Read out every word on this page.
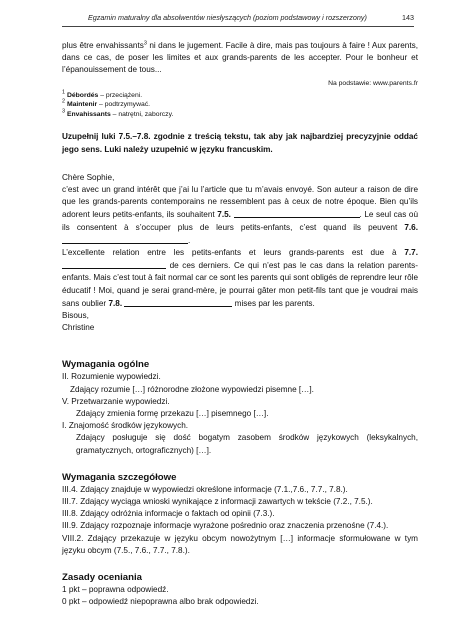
Egzamin maturalny dla absolwentów niesłyszących (poziom podstawowy i rozszerzony)	143

plus être envahissants$^3$ ni dans le jugement. Facile à dire, mais pas toujours à faire ! Aux parents, dans ce cas, de poser les limites et aux grands-parents de les accepter. Pour le bonheur et l’épanouissement de tous...

Na podstawie: www.parents.fr
$^1$ Débordés – przeciążeni.
$^2$ Maintenir – podtrzymywać.
$^3$ Envahissants – natrętni, zaborczy.

Uzupełnij luki 7.5.–7.8. zgodnie z treścią tekstu, tak aby jak najbardziej precyzyjnie oddać jego sens. Luki należy uzupełnić w języku francuskim.

Chère Sophie,

c’est avec un grand intérêt que j’ai lu l’article que tu m’avais envoyé. Son auteur a raison de dire que les grands-parents contemporains ne ressemblent pas à ceux de notre époque. Bien qu’ils adorent leurs petits-enfants, ils souhaitent 7.5.	. Le seul cas où ils consentent à s’occuper plus de leurs petits-enfants, c’est quand ils peuvent 7.6. .

L’excellente relation entre les petits-enfants et leurs grands-parents est due à 7.7.  de ces derniers. Ce qui n’est pas le cas dans la relation parents-enfants. Mais c’est tout à fait normal car ce sont les parents qui sont obligés de reprendre leur rôle éducatif ! Moi, quand je serai grand-mère, je pourrai gâter mon petit-fils tant que je voudrai mais sans oublier 7.8.	mises par les parents.

Bisous,

Christine

Wymagania ogólne
II. Rozumienie wypowiedzi.
Zdający rozumie […] różnorodne złożone wypowiedzi pisemne […].
V. Przetwarzanie wypowiedzi.
Zdający zmienia formę przekazu […] pisemnego […].
I. Znajomość środków językowych.
Zdający posługuje się dość bogatym zasobem środków językowych (leksykalnych, gramatycznych, ortograficznych) […].
Wymagania szczegółowe
III.4. Zdający znajduje w wypowiedzi określone informacje (7.1.,7.6., 7.7., 7.8.).
III.7. Zdający wyciąga wnioski wynikające z informacji zawartych w tekście (7.2., 7.5.).
III.8. Zdający odróżnia informacje o faktach od opinii (7.3.).
III.9. Zdający rozpoznaje informacje wyrażone pośrednio oraz znaczenia przenośne (7.4.).
VIII.2. Zdający przekazuje w języku obcym nowożytnym […] informacje sformułowane w tym języku obcym (7.5., 7.6., 7.7., 7.8.).
Zasady oceniania
1 pkt – poprawna odpowiedź.
0 pkt – odpowiedź niepoprawna albo brak odpowiedzi.
